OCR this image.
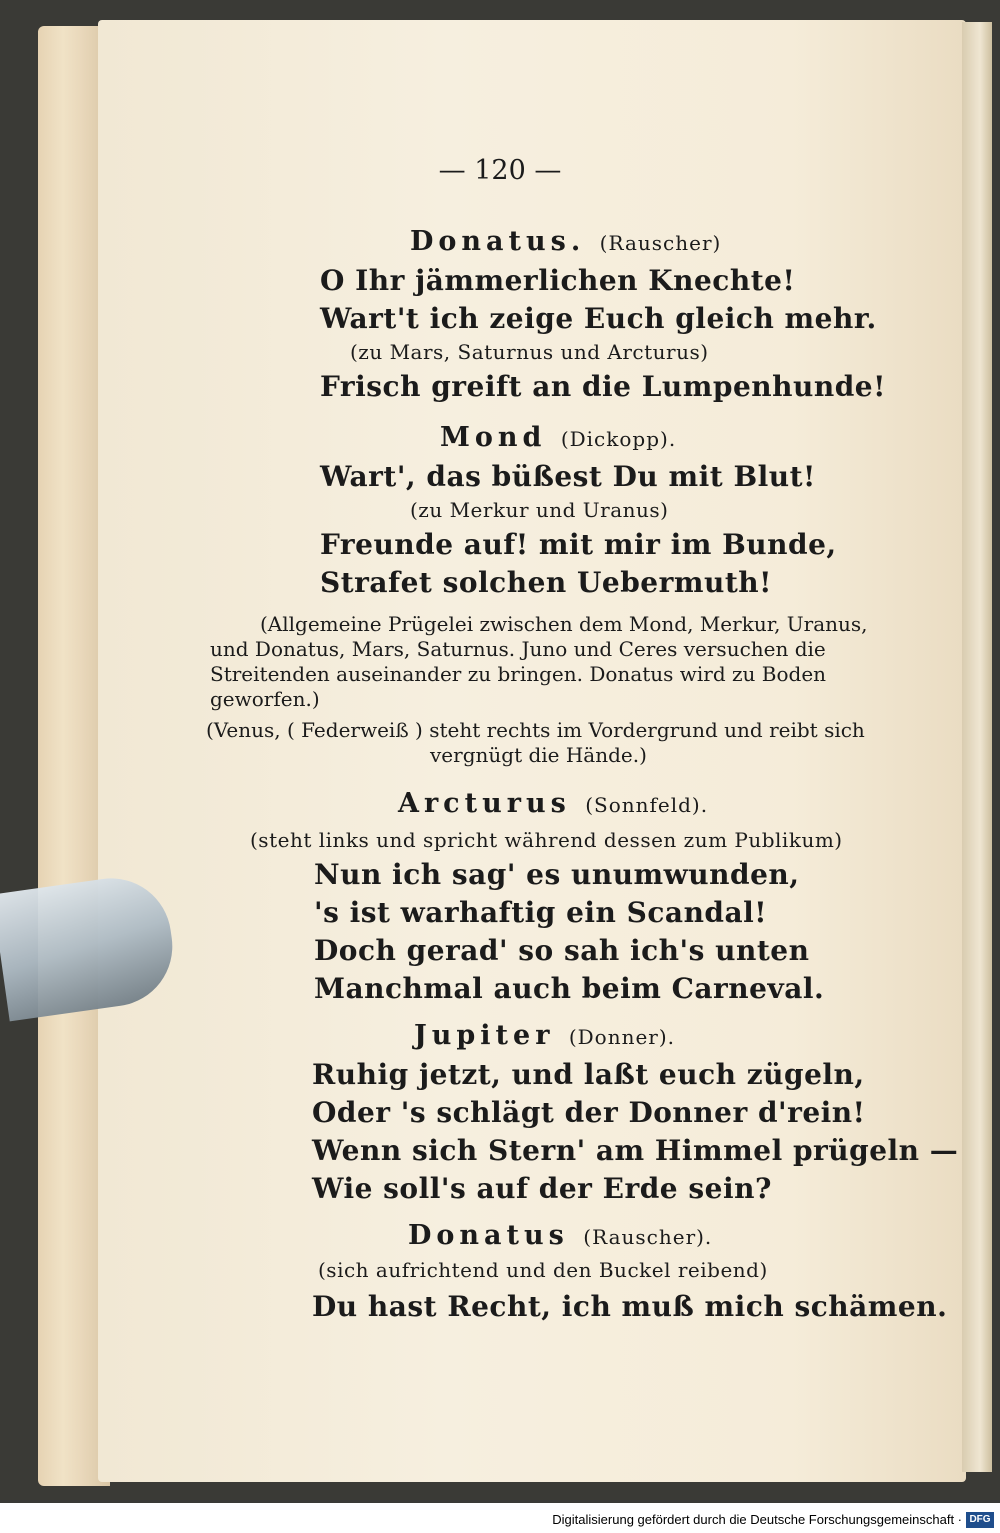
— 120 —
Donatus. (Rauscher)
O Ihr jämmerlichen Knechte!
Wart't ich zeige Euch gleich mehr.
(zu Mars, Saturnus und Arcturus)
Frisch greift an die Lumpenhunde!
Mond (Dickopp).
Wart', das büßest Du mit Blut!
(zu Merkur und Uranus)
Freunde auf! mit mir im Bunde,
Strafet solchen Uebermuth!
(Allgemeine Prügelei zwischen dem Mond, Merkur, Uranus,
und Donatus, Mars, Saturnus. Juno und Ceres versuchen die
Streitenden auseinander zu bringen. Donatus wird zu Boden
geworfen.)
(Venus, ( Federweiß ) steht rechts im Vordergrund und reibt sich
vergnügt die Hände.)
Arcturus (Sonnfeld).
(steht links und spricht während dessen zum Publikum)
Nun ich sag' es unumwunden,
's ist warhaftig ein Scandal!
Doch gerad' so sah ich's unten
Manchmal auch beim Carneval.
Jupiter (Donner).
Ruhig jetzt, und laßt euch zügeln,
Oder 's schlägt der Donner d'rein!
Wenn sich Stern' am Himmel prügeln —
Wie soll's auf der Erde sein?
Donatus (Rauscher).
(sich aufrichtend und den Buckel reibend)
Du hast Recht, ich muß mich schämen.
Digitalisierung gefördert durch die Deutsche Forschungsgemeinschaft · DFG
